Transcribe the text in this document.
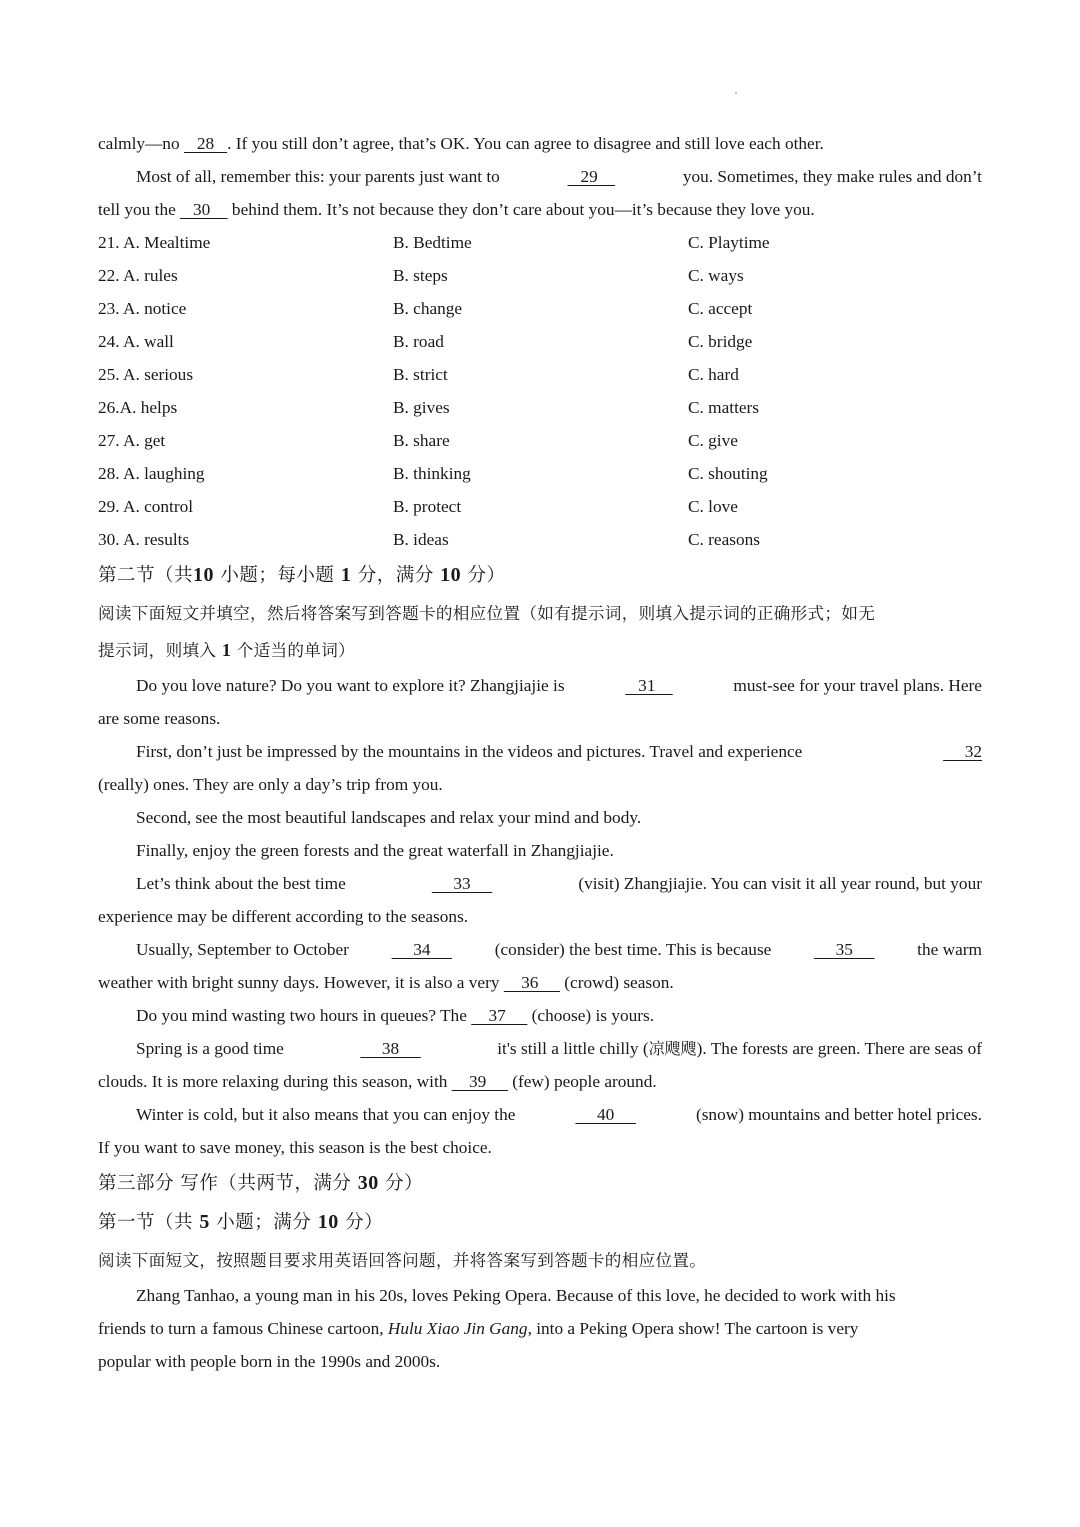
calmly—no    28   . If you still don’t agree, that’s OK. You can agree to disagree and still love each other.
Most of all, remember this: your parents just want to	29	you. Sometimes, they make rules and don’t
tell you the    30     behind them. It’s not because they don’t care about you—it’s because they love you.
21. A. Mealtime	B. Bedtime	C. Playtime
22. A. rules	B. steps	C. ways
23. A. notice	B. change	C. accept
24. A. wall	B. road	C. bridge
25. A. serious	B. strict	C. hard
26.A. helps	B. gives	C. matters
27. A. get	B. share	C. give
28. A. laughing	B. thinking	C. shouting
29. A. control	B. protect	C. love
30. A. results	B. ideas	C. reasons
第二节（共10 小题；每小题 1 分，满分 10 分）
阅读下面短文并填空，然后将答案写到答题卡的相应位置（如有提示词，则填入提示词的正确形式；如无
提示词，则填入 1 个适当的单词）
Do you love nature? Do you want to explore it? Zhangjiajie is	31	must-see for your travel plans. Here
are some reasons.
First, don’t just be impressed by the mountains in the videos and pictures. Travel and experience	32
(really) ones. They are only a day’s trip from you.
Second, see the most beautiful landscapes and relax your mind and body.
Finally, enjoy the green forests and the great waterfall in Zhangjiajie.
Let’s think about the best time	33	(visit) Zhangjiajie. You can visit it all year round, but your
experience may be different according to the seasons.
Usually, September to October 34 (consider) the best time. This is because 35 the warm
weather with bright sunny days. However, it is also a very     36      (crowd) season.
Do you mind wasting two hours in queues? The     37      (choose) is yours.
Spring is a good time	38	it's still a little chilly (凉飕飕). The forests are green. There are seas of
clouds. It is more relaxing during this season, with     39      (few) people around.
Winter is cold, but it also means that you can enjoy the	40	(snow) mountains and better hotel prices.
If you want to save money, this season is the best choice.
第三部分 写作（共两节，满分 30 分）
第一节（共 5 小题；满分 10 分）
阅读下面短文，按照题目要求用英语回答问题，并将答案写到答题卡的相应位置。
Zhang Tanhao, a young man in his 20s, loves Peking Opera. Because of this love, he decided to work with his
friends to turn a famous Chinese cartoon, Hulu Xiao Jin Gang, into a Peking Opera show! The cartoon is very
popular with people born in the 1990s and 2000s.
